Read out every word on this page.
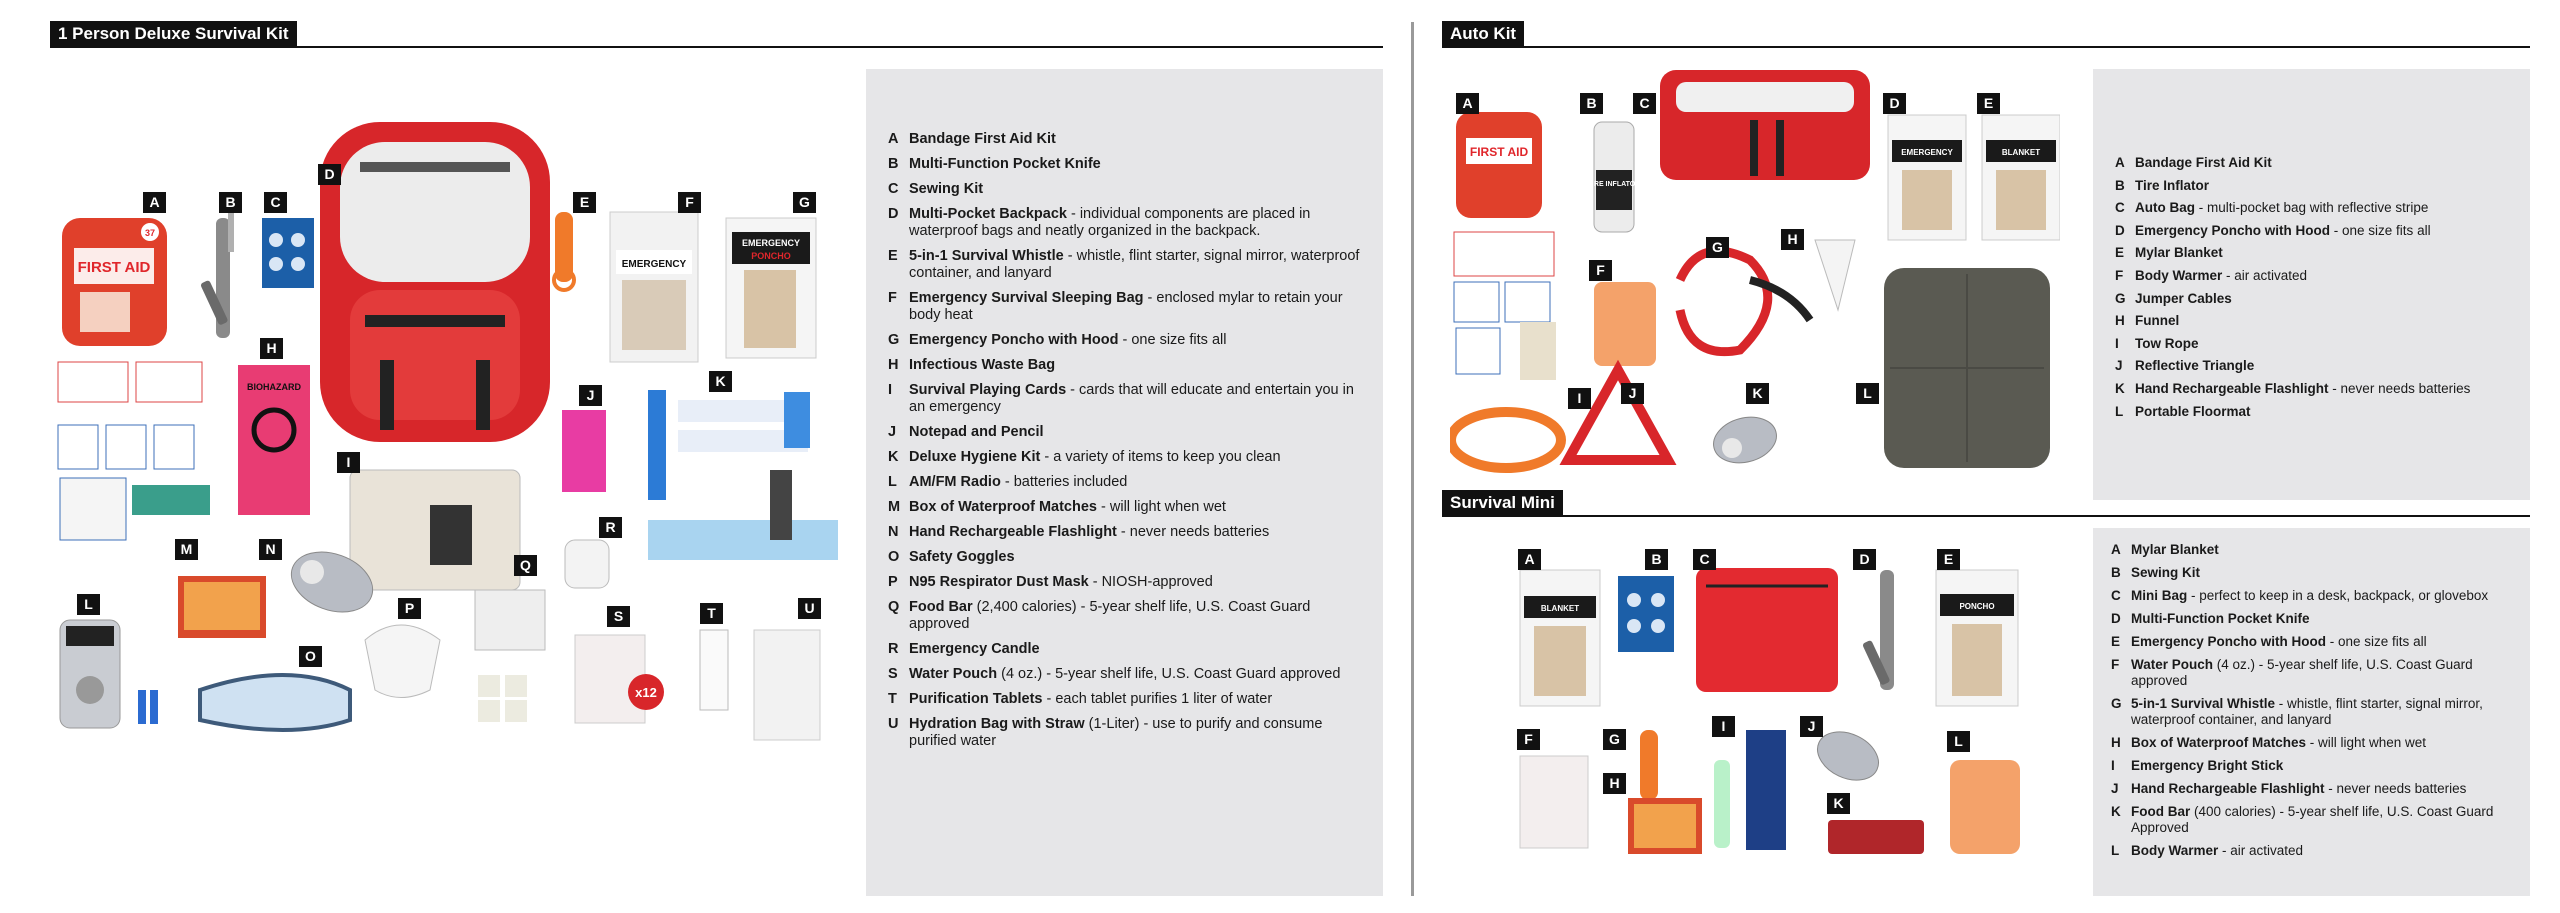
1 Person Deluxe Survival Kit
FIRST AID
37
EMERGENCY
EMERGENCY
PONCHO
BIOHAZARD
x12
A	B	C
D
E	F	G
H
I
J
K
L
M	N
O
P
Q
R
S	T	U
A Bandage First Aid Kit
B Multi-Function Pocket Knife
C Sewing Kit
D Multi-Pocket Backpack - individual components are placed in waterproof bags and neatly organized in the backpack.
E 5-in-1 Survival Whistle - whistle, flint starter, signal mirror, waterproof container, and lanyard
F Emergency Survival Sleeping Bag - enclosed mylar to retain your body heat
G Emergency Poncho with Hood - one size fits all
H Infectious Waste Bag
I	Survival Playing Cards - cards that will educate and entertain you in an emergency
J Notepad and Pencil
K Deluxe Hygiene Kit - a variety of items to keep you clean
L AM/FM Radio - batteries included
M Box of Waterproof Matches - will light when wet
N Hand Rechargeable Flashlight - never needs batteries
O Safety Goggles
P N95 Respirator Dust Mask - NIOSH-approved
Q Food Bar (2,400 calories) - 5-year shelf life, U.S. Coast Guard approved
R Emergency Candle
S Water Pouch (4 oz.) - 5-year shelf life, U.S. Coast Guard approved
T Purification Tablets - each tablet purifies 1 liter of water
U Hydration Bag with Straw (1-Liter) - use to purify and consume purified water
Auto Kit
FIRST AID
TIRE INFLATOR
EMERGENCY	BLANKET
A	B	C	D	E
F
G	H
I	J	K	L
A Bandage First Aid Kit
B Tire Inflator
C Auto Bag - multi-pocket bag with reflective stripe
D Emergency Poncho with Hood - one size fits all
E Mylar Blanket
F Body Warmer - air activated
G Jumper Cables
H Funnel
I	Tow Rope
J Reflective Triangle
K Hand Rechargeable Flashlight - never needs batteries
L Portable Floormat
Survival Mini
BLANKET	PONCHO
A	B	C	D	E
F	G
H
I	J
K
L
A Mylar Blanket
B Sewing Kit
C Mini Bag - perfect to keep in a desk, backpack, or glovebox
D Multi-Function Pocket Knife
E Emergency Poncho with Hood - one size fits all
F Water Pouch (4 oz.) - 5-year shelf life, U.S. Coast Guard approved
G 5-in-1 Survival Whistle - whistle, flint starter, signal mirror, waterproof container, and lanyard
H Box of Waterproof Matches - will light when wet
I	Emergency Bright Stick
J Hand Rechargeable Flashlight - never needs batteries
K Food Bar (400 calories) - 5-year shelf life, U.S. Coast Guard Approved
L Body Warmer - air activated
